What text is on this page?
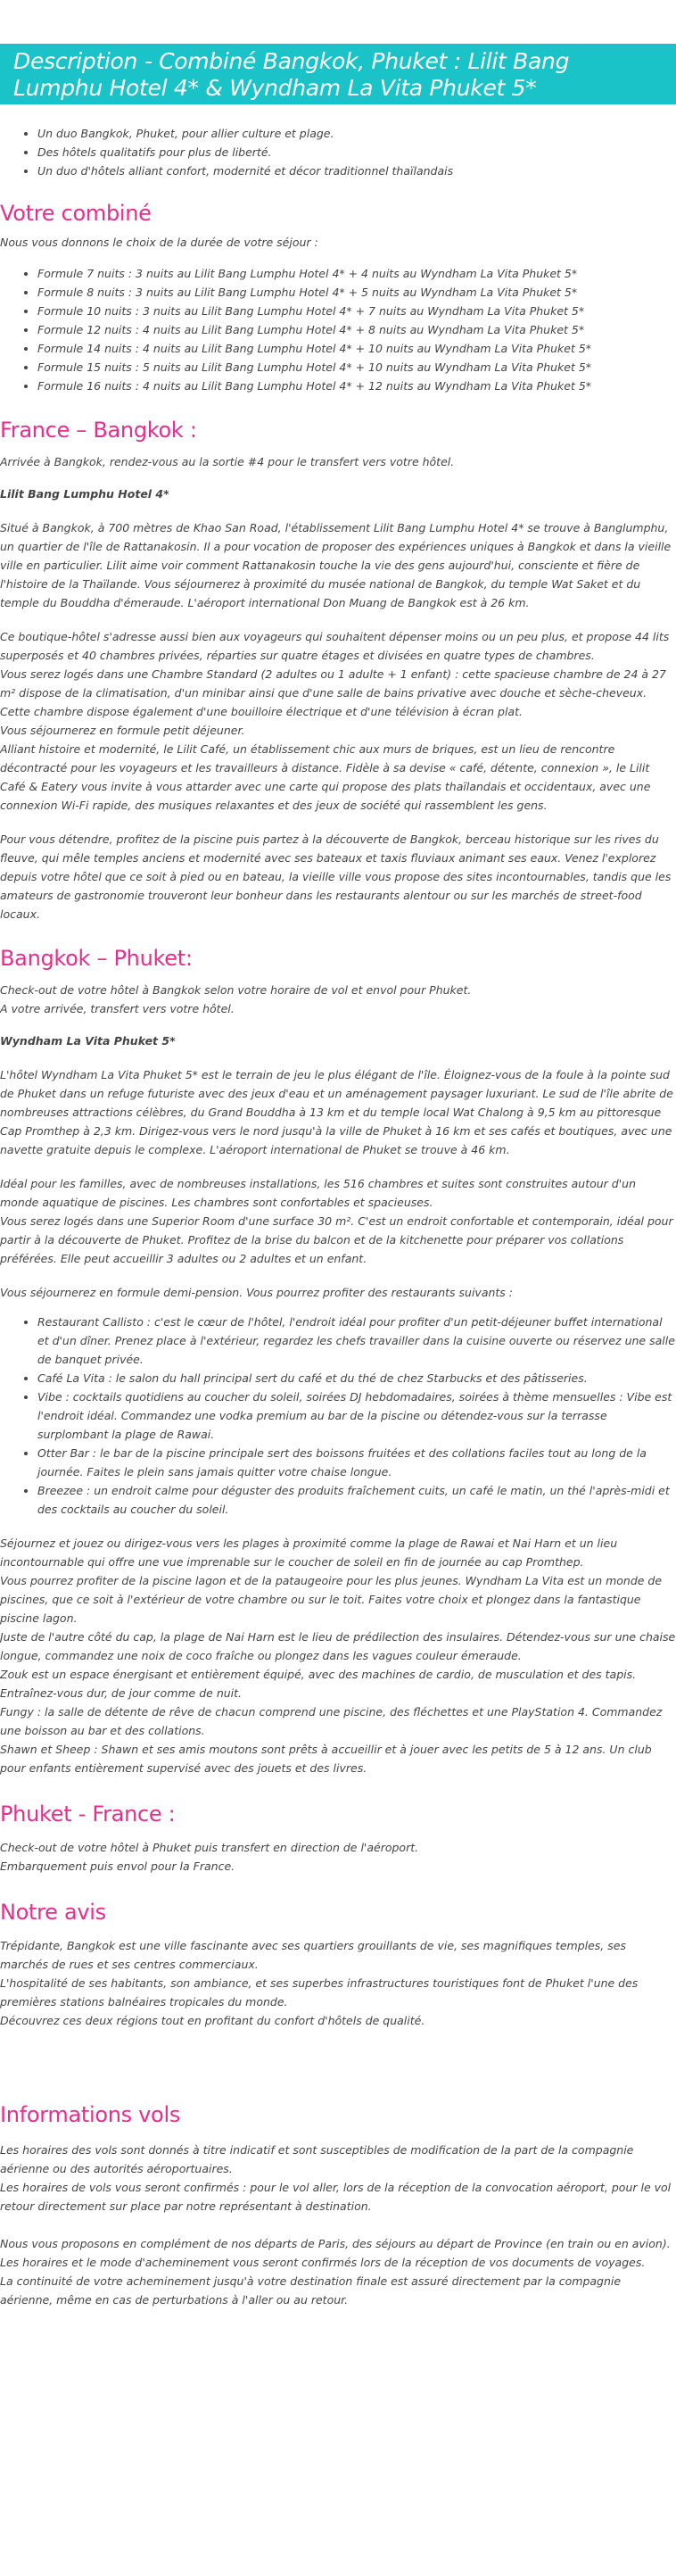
Description - Combiné Bangkok, Phuket : Lilit Bang Lumphu Hotel 4* & Wyndham La Vita Phuket 5*
• Un duo Bangkok, Phuket, pour allier culture et plage.
• Des hôtels qualitatifs pour plus de liberté.
• Un duo d'hôtels alliant confort, modernité et décor traditionnel thaïlandais
Votre combiné

Nous vous donnons le choix de la durée de votre séjour :

• Formule 7 nuits : 3 nuits au Lilit Bang Lumphu Hotel 4* + 4 nuits au Wyndham La Vita Phuket 5*
• Formule 8 nuits : 3 nuits au Lilit Bang Lumphu Hotel 4* + 5 nuits au Wyndham La Vita Phuket 5*
• Formule 10 nuits : 3 nuits au Lilit Bang Lumphu Hotel 4* + 7 nuits au Wyndham La Vita Phuket 5*
• Formule 12 nuits : 4 nuits au Lilit Bang Lumphu Hotel 4* + 8 nuits au Wyndham La Vita Phuket 5*
• Formule 14 nuits : 4 nuits au Lilit Bang Lumphu Hotel 4* + 10 nuits au Wyndham La Vita Phuket 5*
• Formule 15 nuits : 5 nuits au Lilit Bang Lumphu Hotel 4* + 10 nuits au Wyndham La Vita Phuket 5*
• Formule 16 nuits : 4 nuits au Lilit Bang Lumphu Hotel 4* + 12 nuits au Wyndham La Vita Phuket 5*
France – Bangkok :

Arrivée à Bangkok, rendez-vous au la sortie #4 pour le transfert vers votre hôtel.

Lilit Bang Lumphu Hotel 4*

Situé à Bangkok, à 700 mètres de Khao San Road, l'établissement Lilit Bang Lumphu Hotel 4* se trouve à Banglumphu, un quartier de l'île de Rattanakosin. Il a pour vocation de proposer des expériences uniques à Bangkok et dans la vieille ville en particulier. Lilit aime voir comment Rattanakosin touche la vie des gens aujourd'hui, consciente et fière de l'histoire de la Thaïlande. Vous séjournerez à proximité du musée national de Bangkok, du temple Wat Saket et du temple du Bouddha d'émeraude. L'aéroport international Don Muang de Bangkok est à 26 km.

Ce boutique-hôtel s'adresse aussi bien aux voyageurs qui souhaitent dépenser moins ou un peu plus, et propose 44 lits superposés et 40 chambres privées, réparties sur quatre étages et divisées en quatre types de chambres.

Vous serez logés dans une Chambre Standard (2 adultes ou 1 adulte + 1 enfant) : cette spacieuse chambre de 24 à 27 m² dispose de la climatisation, d'un minibar ainsi que d'une salle de bains privative avec douche et sèche-cheveux. Cette chambre dispose également d'une bouilloire électrique et d'une télévision à écran plat.

Vous séjournerez en formule petit déjeuner.

Alliant histoire et modernité, le Lilit Café, un établissement chic aux murs de briques, est un lieu de rencontre décontracté pour les voyageurs et les travailleurs à distance. Fidèle à sa devise « café, détente, connexion », le Lilit Café & Eatery vous invite à vous attarder avec une carte qui propose des plats thaïlandais et occidentaux, avec une connexion Wi-Fi rapide, des musiques relaxantes et des jeux de société qui rassemblent les gens.

Pour vous détendre, profitez de la piscine puis partez à la découverte de Bangkok, berceau historique sur les rives du fleuve, qui mêle temples anciens et modernité avec ses bateaux et taxis fluviaux animant ses eaux. Venez l'explorez depuis votre hôtel que ce soit à pied ou en bateau, la vieille ville vous propose des sites incontournables, tandis que les amateurs de gastronomie trouveront leur bonheur dans les restaurants alentour ou sur les marchés de street-food locaux.

Bangkok – Phuket:

Check-out de votre hôtel à Bangkok selon votre horaire de vol et envol pour Phuket.

A votre arrivée, transfert vers votre hôtel.

Wyndham La Vita Phuket 5*

L'hôtel Wyndham La Vita Phuket 5* est le terrain de jeu le plus élégant de l'île. Éloignez-vous de la foule à la pointe sud de Phuket dans un refuge futuriste avec des jeux d'eau et un aménagement paysager luxuriant. Le sud de l'île abrite de nombreuses attractions célèbres, du Grand Bouddha à 13 km et du temple local Wat Chalong à 9,5 km au pittoresque Cap Promthep à 2,3 km. Dirigez-vous vers le nord jusqu'à la ville de Phuket à 16 km et ses cafés et boutiques, avec une navette gratuite depuis le complexe. L'aéroport international de Phuket se trouve à 46 km.

Idéal pour les familles, avec de nombreuses installations, les 516 chambres et suites sont construites autour d'un monde aquatique de piscines. Les chambres sont confortables et spacieuses.

Vous serez logés dans une Superior Room d'une surface 30 m². C'est un endroit confortable et contemporain, idéal pour partir à la découverte de Phuket. Profitez de la brise du balcon et de la kitchenette pour préparer vos collations préférées. Elle peut accueillir 3 adultes ou 2 adultes et un enfant.

Vous séjournerez en formule demi-pension. Vous pourrez profiter des restaurants suivants :

• Restaurant Callisto : c'est le cœur de l'hôtel, l'endroit idéal pour profiter d'un petit-déjeuner buffet international et d'un dîner. Prenez place à l'extérieur, regardez les chefs travailler dans la cuisine ouverte ou réservez une salle de banquet privée.
• Café La Vita : le salon du hall principal sert du café et du thé de chez Starbucks et des pâtisseries.
• Vibe : cocktails quotidiens au coucher du soleil, soirées DJ hebdomadaires, soirées à thème mensuelles : Vibe est l'endroit idéal. Commandez une vodka premium au bar de la piscine ou détendez-vous sur la terrasse surplombant la plage de Rawai.
• Otter Bar : le bar de la piscine principale sert des boissons fruitées et des collations faciles tout au long de la journée. Faites le plein sans jamais quitter votre chaise longue.
• Breezee : un endroit calme pour déguster des produits fraîchement cuits, un café le matin, un thé l'après-midi et des cocktails au coucher du soleil.

Séjournez et jouez ou dirigez-vous vers les plages à proximité comme la plage de Rawai et Nai Harn et un lieu incontournable qui offre une vue imprenable sur le coucher de soleil en fin de journée au cap Promthep.

Vous pourrez profiter de la piscine lagon et de la pataugeoire pour les plus jeunes. Wyndham La Vita est un monde de piscines, que ce soit à l'extérieur de votre chambre ou sur le toit. Faites votre choix et plongez dans la fantastique piscine lagon.

Juste de l'autre côté du cap, la plage de Nai Harn est le lieu de prédilection des insulaires. Détendez-vous sur une chaise longue, commandez une noix de coco fraîche ou plongez dans les vagues couleur émeraude.

Zouk est un espace énergisant et entièrement équipé, avec des machines de cardio, de musculation et des tapis. Entraînez-vous dur, de jour comme de nuit.

Fungy : la salle de détente de rêve de chacun comprend une piscine, des fléchettes et une PlayStation 4. Commandez une boisson au bar et des collations.

Shawn et Sheep : Shawn et ses amis moutons sont prêts à accueillir et à jouer avec les petits de 5 à 12 ans. Un club pour enfants entièrement supervisé avec des jouets et des livres.

Phuket - France :

Check-out de votre hôtel à Phuket puis transfert en direction de l'aéroport.

Embarquement puis envol pour la France.

Notre avis

Trépidante, Bangkok est une ville fascinante avec ses quartiers grouillants de vie, ses magnifiques temples, ses marchés de rues et ses centres commerciaux.

L'hospitalité de ses habitants, son ambiance, et ses superbes infrastructures touristiques font de Phuket l'une des premières stations balnéaires tropicales du monde.

Découvrez ces deux régions tout en profitant du confort d'hôtels de qualité.

Informations vols

Les horaires des vols sont donnés à titre indicatif et sont susceptibles de modification de la part de la compagnie aérienne ou des autorités aéroportuaires.

Les horaires de vols vous seront confirmés : pour le vol aller, lors de la réception de la convocation aéroport, pour le vol retour directement sur place par notre représentant à destination.

Nous vous proposons en complément de nos départs de Paris, des séjours au départ de Province (en train ou en avion).

Les horaires et le mode d'acheminement vous seront confirmés lors de la réception de vos documents de voyages.

La continuité de votre acheminement jusqu'à votre destination finale est assuré directement par la compagnie aérienne, même en cas de perturbations à l'aller ou au retour.
